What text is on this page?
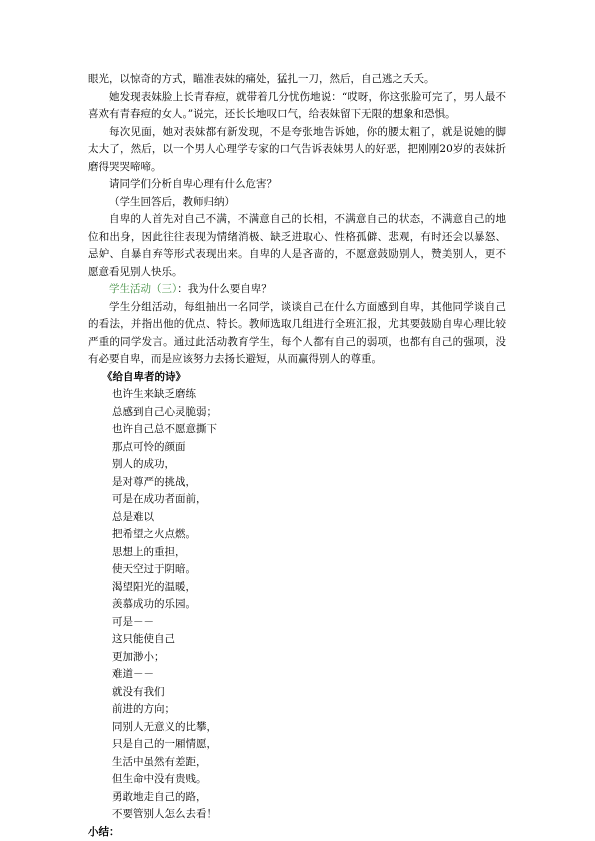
眼光，以惊奇的方式，瞄准表妹的痛处，猛扎一刀，然后，自己逃之夭夭。

她发现表妹脸上长青春痘，就带着几分忧伤地说：“哎呀，你这张脸可完了，男人最不喜欢有青春痘的女人。”说完，还长长地叹口气，给表妹留下无限的想象和恐惧。

每次见面，她对表妹都有新发现，不是夸张地告诉她，你的腰太粗了，就是说她的脚太大了，然后，以一个男人心理学专家的口气告诉表妹男人的好恶，把刚刚20岁的表妹折磨得哭哭啼啼。

请同学们分析自卑心理有什么危害？

（学生回答后，教师归纳）

自卑的人首先对自己不满，不满意自己的长相，不满意自己的状态，不满意自己的地位和出身，因此往往表现为情绪消极、缺乏进取心、性格孤僻、悲观，有时还会以暴怒、忌妒、自暴自弃等形式表现出来。自卑的人是吝啬的，不愿意鼓励别人，赞美别人，更不愿意看见别人快乐。

学生活动（三）：我为什么要自卑？

学生分组活动，每组抽出一名同学，谈谈自己在什么方面感到自卑，其他同学谈自己的看法，并指出他的优点、特长。教师选取几组进行全班汇报，尤其要鼓励自卑心理比较严重的同学发言。通过此活动教育学生，每个人都有自己的弱项，也都有自己的强项，没有必要自卑，而是应该努力去扬长避短，从而赢得别人的尊重。

《给自卑者的诗》
也许生来缺乏磨练
总感到自己心灵脆弱；
也许自己总不愿意撕下
那点可怜的颜面
别人的成功，
是对尊严的挑战，
可是在成功者面前，
总是难以
把希望之火点燃。
思想上的重担，
使天空过于阴暗。
渴望阳光的温暖，
羡慕成功的乐园。
可是－－
这只能使自己
更加渺小；
难道－－
就没有我们
前进的方向；
同别人无意义的比攀，
只是自己的一厢情愿，
生活中虽然有差距，
但生命中没有贵贱。
勇敢地走自己的路，
不要管别人怎么去看！
小结：
